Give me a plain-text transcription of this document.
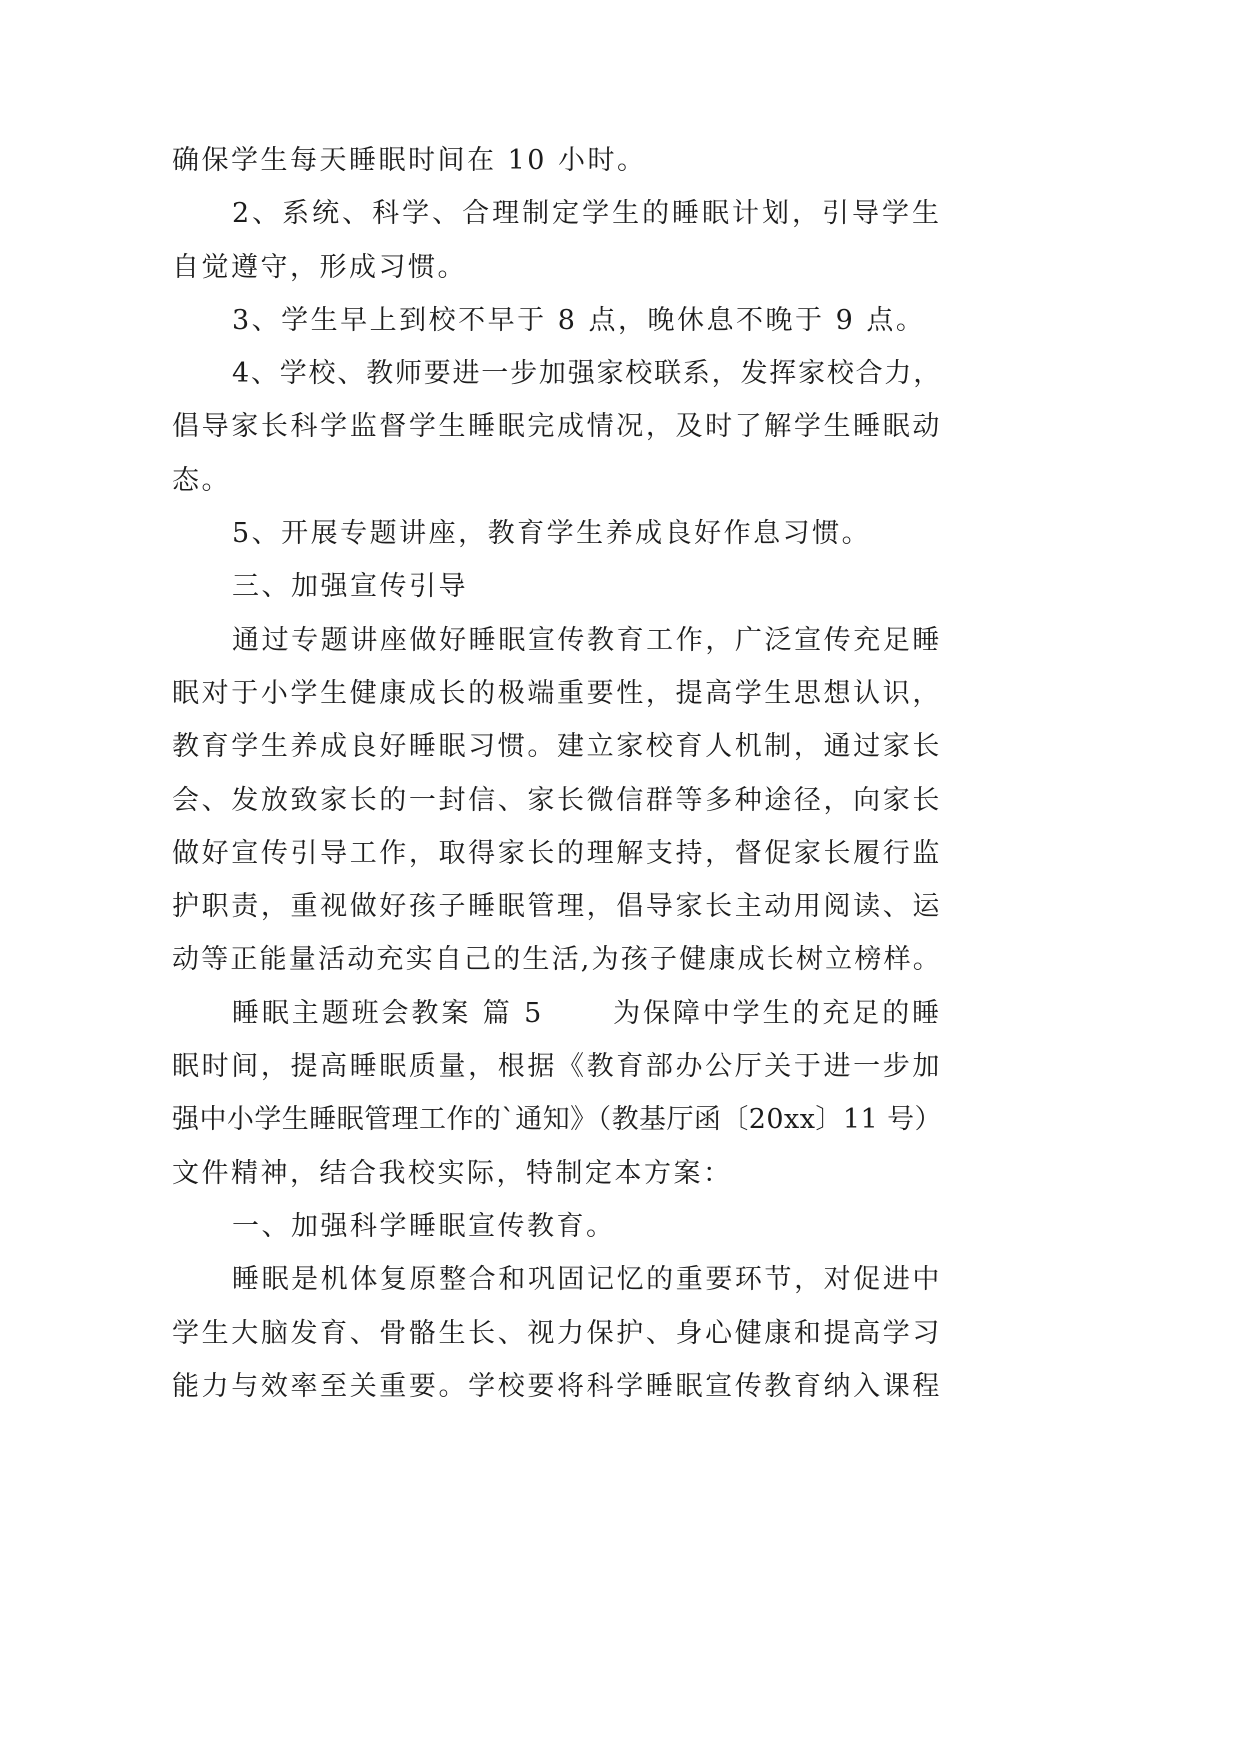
确保学生每天睡眠时间在 10 小时。
2、系统、科学、合理制定学生的睡眠计划，引导学生
自觉遵守，形成习惯。
3、学生早上到校不早于 8 点，晚休息不晚于 9 点。
4、学校、教师要进一步加强家校联系，发挥家校合力，
倡导家长科学监督学生睡眠完成情况，及时了解学生睡眠动
态。
5、开展专题讲座，教育学生养成良好作息习惯。
三、加强宣传引导
通过专题讲座做好睡眠宣传教育工作，广泛宣传充足睡
眠对于小学生健康成长的极端重要性，提高学生思想认识，
教育学生养成良好睡眠习惯。建立家校育人机制，通过家长
会、发放致家长的一封信、家长微信群等多种途径，向家长
做好宣传引导工作，取得家长的理解支持，督促家长履行监
护职责，重视做好孩子睡眠管理，倡导家长主动用阅读、运
动等正能量活动充实自己的生活,为孩子健康成长树立榜样。
睡眠主题班会教案 篇 5      为保障中学生的充足的睡
眠时间，提高睡眠质量，根据《教育部办公厅关于进一步加
强中小学生睡眠管理工作的`通知》（教基厅函〔20xx〕11 号）
文件精神，结合我校实际，特制定本方案：
一、加强科学睡眠宣传教育。
睡眠是机体复原整合和巩固记忆的重要环节，对促进中
学生大脑发育、骨骼生长、视力保护、身心健康和提高学习
能力与效率至关重要。学校要将科学睡眠宣传教育纳入课程
